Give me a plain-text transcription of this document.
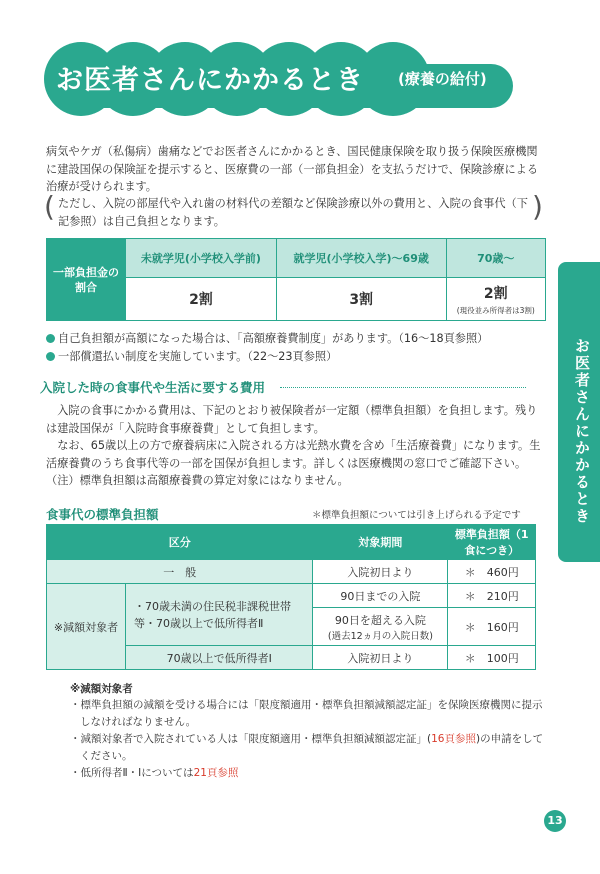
お医者さんにかかるとき (療養の給付)
病気やケガ（私傷病）歯痛などでお医者さんにかかるとき、国民健康保険を取り扱う保険医療機関に建設国保の保険証を提示すると、医療費の一部（一部負担金）を支払うだけで、保険診療による治療が受けられます。
( ただし、入院の部屋代や入れ歯の材料代の差額など保険診療以外の費用と、入院の食事代（下記参照）は自己負担となります。	)
お医者さんにかかるとき
一部負担金の割合	未就学児(小学校入学前)	就学児(小学校入学)〜69歳	70歳〜
	2割	3割	2割
(現役並み所得者は3割)
自己負担額が高額になった場合は、「高額療養費制度」があります。（16〜18頁参照）
一部償還払い制度を実施しています。（22〜23頁参照）
入院した時の食事代や生活に要する費用
入院の食事にかかる費用は、下記のとおり被保険者が一定額（標準負担額）を負担します。残りは建設国保が「入院時食事療養費」として負担します。
なお、65歳以上の方で療養病床に入院される方は光熱水費を含め「生活療養費」になります。生活療養費のうち食事代等の一部を国保が負担します。詳しくは医療機関の窓口でご確認下さい。
（注）標準負担額は高額療養費の算定対象にはなりません。
食事代の標準負担額	＊標準負担額については引き上げられる予定です
区分		対象期間	標準負担額（1食につき）
一　般		入院初日より	＊　460円
※減額対象者	・70歳未満の住民税非課税世帯等・70歳以上で低所得者Ⅱ	90日までの入院	＊　210円
		90日を超える入院
(過去12ヵ月の入院日数)	＊　160円
	70歳以上で低所得者Ⅰ	入院初日より	＊　100円
※減額対象者
・標準負担額の減額を受ける場合には「限度額適用・標準負担額減額認定証」を保険医療機関に提示しなければなりません。
・減額対象者で入院されている人は「限度額適用・標準負担額減額認定証」(16頁参照)の申請をしてください。
・低所得者Ⅱ・Ⅰについては21頁参照
13
